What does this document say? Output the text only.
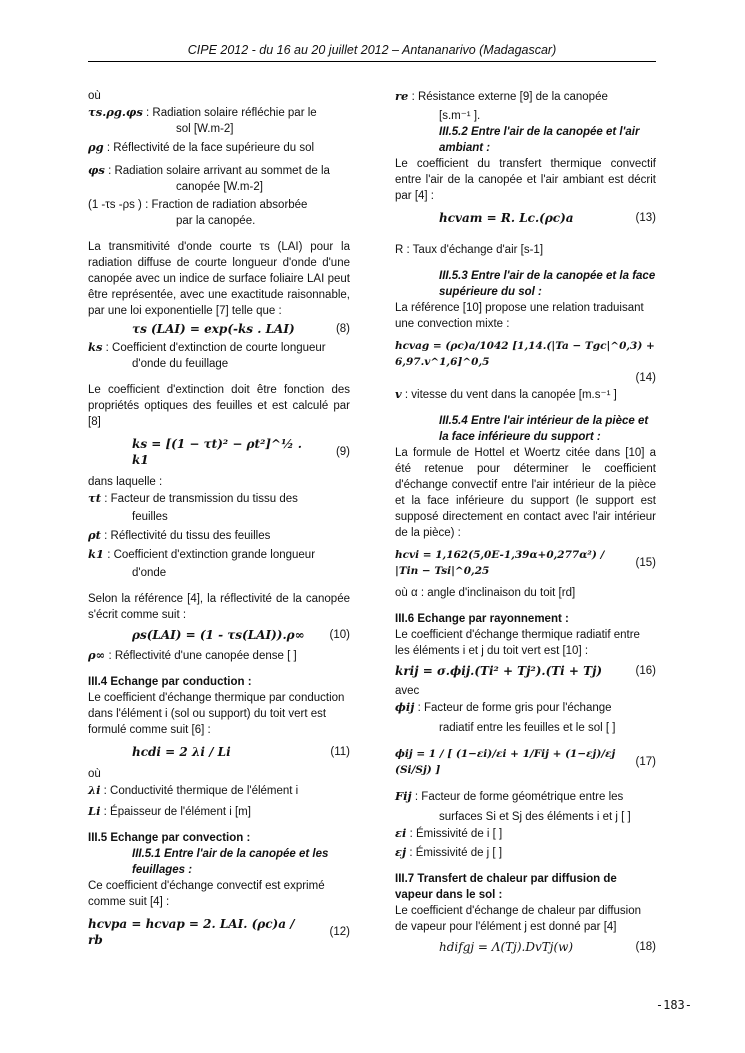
CIPE 2012 - du 16 au 20 juillet 2012 – Antananarivo (Madagascar)

où

τs.ρg.φs : Radiation solaire réfléchie par le

sol [W.m-2]

ρg : Réflectivité de la face supérieure du sol

φs : Radiation solaire arrivant au sommet de la

canopée [W.m-2]

(1 -τs -ρs ) : Fraction de radiation absorbée

par la canopée.

La transmitivité d'onde courte τs (LAI) pour la radiation diffuse de courte longueur d'onde d'une canopée avec un indice de surface foliaire LAI peut être représentée, avec une exactitude raisonnable, par une loi exponentielle [7] telle que :

τs (LAI) = exp(-ks . LAI)	(8)

ks : Coefficient d'extinction de courte longueur

d'onde du feuillage

Le coefficient d'extinction doit être fonction des propriétés optiques des feuilles et est calculé par [8]

ks = [(1 − τt)² − ρt²]^½ . k1
(9)

dans laquelle :

τt : Facteur de transmission du tissu des

feuilles

ρt : Réflectivité du tissu des feuilles

k1 : Coefficient d'extinction grande longueur

d'onde

Selon la référence [4], la réflectivité de la canopée s'écrit comme suit :

ρs(LAI) = (1 - τs(LAI)).ρ∞	(10)

ρ∞ : Réflectivité d'une canopée dense [ ]

III.4 Echange par conduction :

Le coefficient d'échange thermique par conduction dans l'élément i (sol ou support) du toit vert est formulé comme suit [6] :

hcdi = 2 λi / Li	(11)

où

λi : Conductivité thermique de l'élément i

Li : Épaisseur de l'élément i [m]

III.5 Echange par convection :

III.5.1 Entre l'air de la canopée et les feuillages :

Ce coefficient d'échange convectif est exprimé comme suit [4] :

hcvpa = hcvap = 2. LAI. (ρc)a / rb
(12)

re : Résistance externe [9] de la canopée

[s.m⁻¹ ].

III.5.2 Entre l'air de la canopée et l'air ambiant :

Le coefficient du transfert thermique convectif entre l'air de la canopée et l'air ambiant est décrit par [4] :

hcvam = R. Lc.(ρc)a	(13)

R : Taux d'échange d'air [s-1]

III.5.3 Entre l'air de la canopée et la face supérieure du sol :

La référence [10] propose une relation traduisant une convection mixte :

hcvag = (ρc)a/1042 [1,14.(|Ta − Tgc|^0,3) + 6,97.v^1,6]^0,5
(14)

v : vitesse du vent dans la canopée [m.s⁻¹ ]

III.5.4 Entre l'air intérieur de la pièce et la face inférieure du support :

La formule de Hottel et Woertz citée dans [10] a été retenue pour déterminer le coefficient d'échange convectif entre l'air intérieur de la pièce et la face inférieure du support (le support est supposé directement en contact avec l'air intérieur de la pièce) :

hcvi = 1,162(5,0E-1,39α+0,277α²) / |Tin − Tsi|^0,25
(15)

où α : angle d'inclinaison du toit [rd]

III.6 Echange par rayonnement :

Le coefficient d'échange thermique radiatif entre les éléments i et j du toit vert est [10] :

krij = σ.ϕij.(Ti² + Tj²).(Ti + Tj)	(16)

avec

ϕij : Facteur de forme gris pour l'échange

radiatif entre les feuilles et le sol [ ]

ϕij = 1 / [ (1−εi)/εi + 1/Fij + (1−εj)/εj (Si/Sj) ]
(17)

Fij : Facteur de forme géométrique entre les

surfaces Si et Sj des éléments i et j [ ]

εi : Émissivité de i [ ]

εj : Émissivité de j [ ]

III.7 Transfert de chaleur par diffusion de vapeur dans le sol :

Le coefficient d'échange de chaleur par diffusion de vapeur pour l'élément j est donné par [4]

hdifgj = Λ(Tj).DvTj(w)	(18)
-183-
